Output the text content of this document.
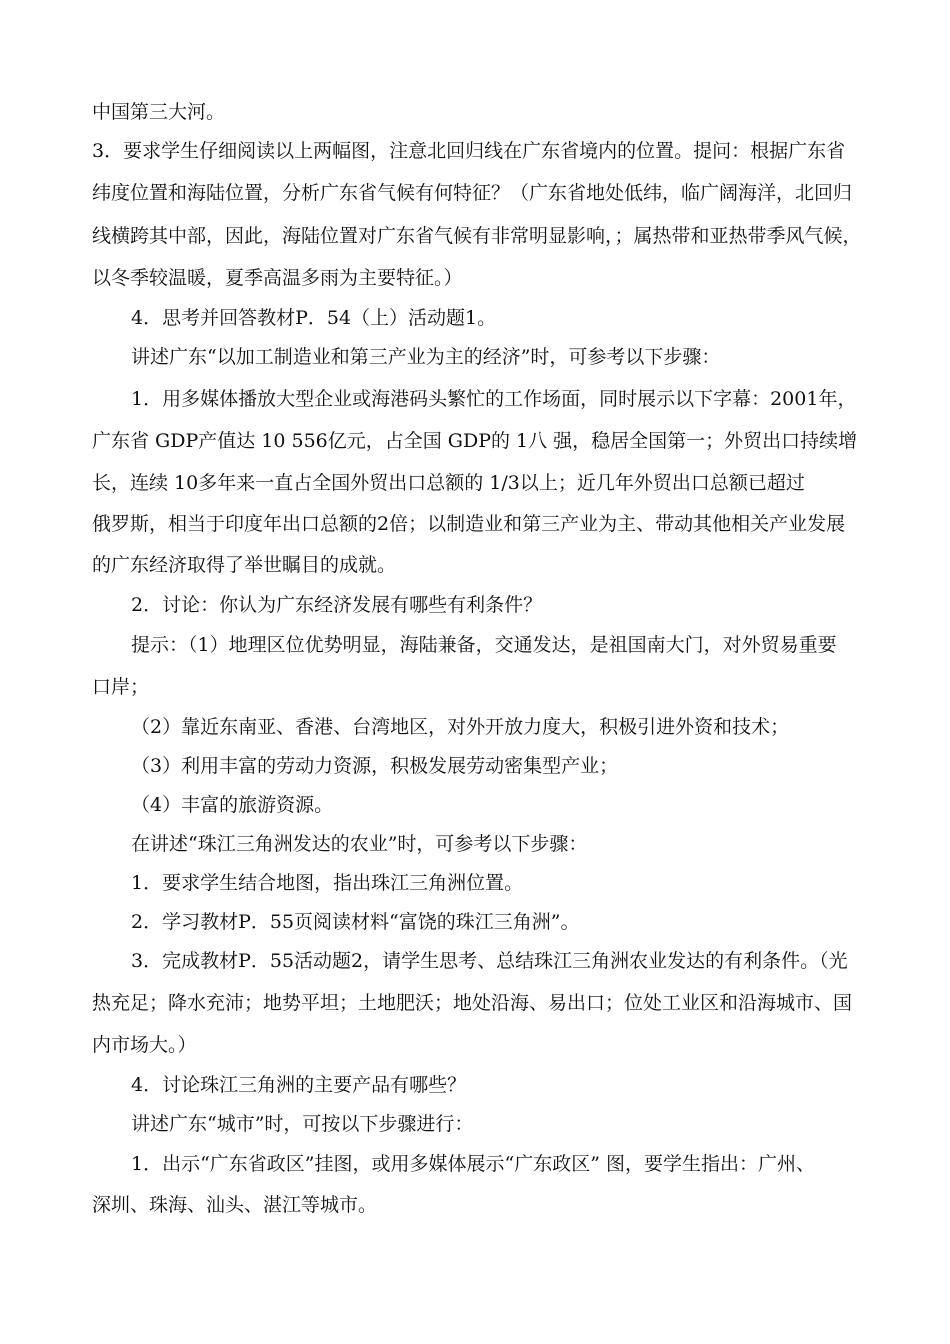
中国第三大河。
3．要求学生仔细阅读以上两幅图，注意北回归线在广东省境内的位置。提问：根据广东省
纬度位置和海陆位置，分析广东省气候有何特征？（广东省地处低纬，临广阔海洋，北回归
线横跨其中部，因此，海陆位置对广东省气候有非常明显影响，；属热带和亚热带季风气候，
以冬季较温暖，夏季高温多雨为主要特征。）
4．思考并回答教材P．54（上）活动题1。
讲述广东“以加工制造业和第三产业为主的经济”时，可参考以下步骤：
1．用多媒体播放大型企业或海港码头繁忙的工作场面，同时展示以下字幕：2001年，
广东省 GDP产值达 10 556亿元，占全国 GDP的 1八 强，稳居全国第一；外贸出口持续增
长，连续 10多年来一直占全国外贸出口总额的 1/3以上；近几年外贸出口总额已超过
俄罗斯，相当于印度年出口总额的2倍；以制造业和第三产业为主、带动其他相关产业发展
的广东经济取得了举世瞩目的成就。
2．讨论：你认为广东经济发展有哪些有利条件？
提示：（1）地理区位优势明显，海陆兼备，交通发达，是祖国南大门，对外贸易重要
口岸；
（2）靠近东南亚、香港、台湾地区，对外开放力度大，积极引进外资和技术；
（3）利用丰富的劳动力资源，积极发展劳动密集型产业；
（4）丰富的旅游资源。
在讲述“珠江三角洲发达的农业”时，可参考以下步骤：
1．要求学生结合地图，指出珠江三角洲位置。
2．学习教材P．55页阅读材料“富饶的珠江三角洲”。
3．完成教材P．55活动题2，请学生思考、总结珠江三角洲农业发达的有利条件。（光
热充足；降水充沛；地势平坦；土地肥沃；地处沿海、易出口；位处工业区和沿海城市、国
内市场大。）
4．讨论珠江三角洲的主要产品有哪些？
讲述广东“城市”时，可按以下步骤进行：
1．出示“广东省政区”挂图，或用多媒体展示“广东政区” 图，要学生指出：广州、
深圳、珠海、汕头、湛江等城市。
